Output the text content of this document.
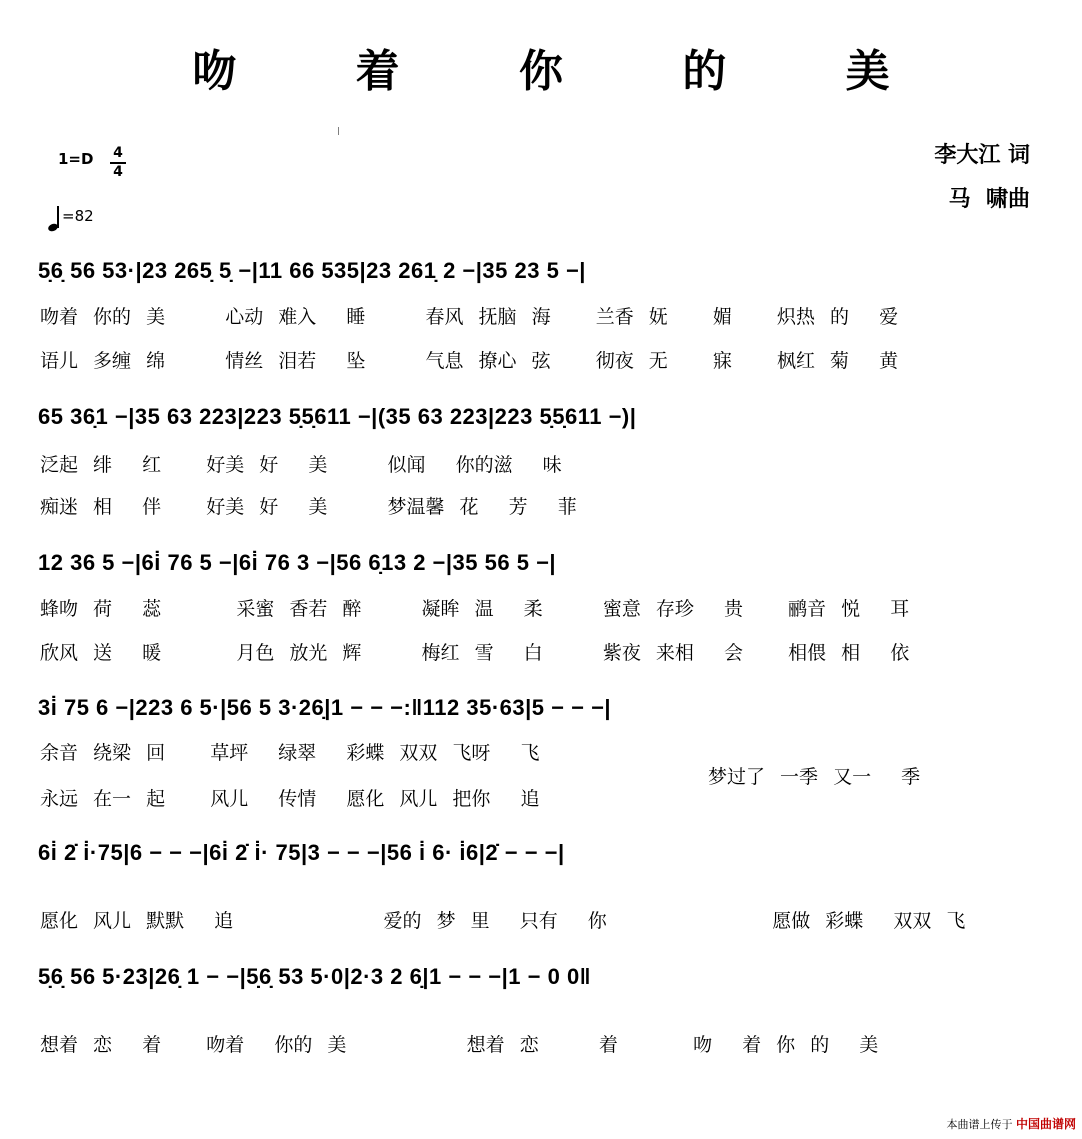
吻 着 你 的 美
1=D 4
4
=82
李大江 词
马  啸曲
5̣6̣ 56 53·|23 265̣ 5̣ −|11 66 535|23 261̣ 2 −|35 23 5 −|
吻着 你的 美    心动 难入  睡    春风 抚脑 海   兰香 妩   媚   炽热 的  爱
语儿 多缠 绵    情丝 泪若  坠    气息 撩心 弦   彻夜 无   寐   枫红 菊  黄
65 36̣1 −|35 63 223|223 5̣5̣611 −|(35 63 223|223 5̣5̣611 −)|
泛起 绯  红   好美 好  美    似闻  你的滋  味
痴迷 相  伴   好美 好  美    梦温馨 花  芳  菲
12 36 5 −|6i̇ 76 5 −|6i̇ 76 3 −|56 6̣13 2 −|35 56 5 −|
蜂吻 荷  蕊     采蜜 香若 醉    凝眸 温  柔    蜜意 存珍  贵   鹂音 悦  耳
欣风 送  暖     月色 放光 辉    梅红 雪  白    紫夜 来相  会   相偎 相  依
3i̇ 75 6 −|223 6 5·|56 5 3·26̣|1 − − −:‖112 35·63|5 − − −|
余音 绕梁 回   草坪  绿翠  彩蝶 双双 飞呀  飞
永远 在一 起   风儿  传情  愿化 风儿 把你  追
梦过了 一季 又一  季
6i̇ 2̇ i̇·75|6 − − −|6i̇ 2̇ i̇· 75|3 − − −|56 i̇ 6· i̇6|2̇ − − −|
愿化 风儿 默默  追          爱的 梦 里  只有  你           愿做 彩蝶  双双 飞
5̣6̣ 56 5·23|26̣ 1 − −|5̣6̣ 53 5·0|2·3 2 6̣|1 − − −|1 − 0 0‖
想着 恋  着   吻着  你的 美        想着 恋    着     吻  着 你 的  美
本曲谱上传于 中国曲谱网
